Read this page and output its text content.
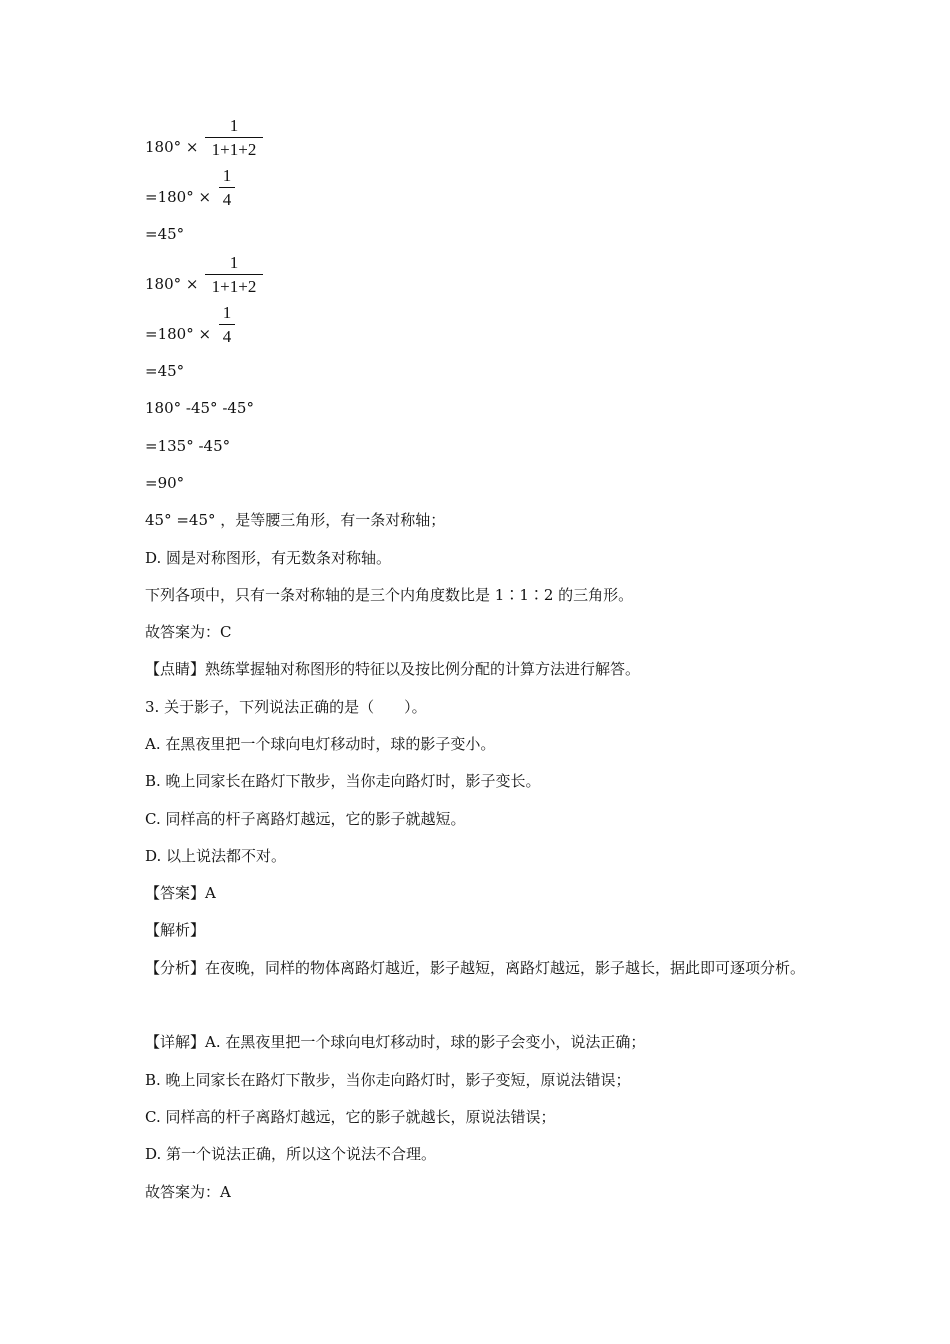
180° ×
1
1+1+2
=180° ×
1
4
=45°
180° ×
1
1+1+2
=180° ×
1
4
=45°
180° -45° -45°
=135° -45°
=90°
45° =45° ，是等腰三角形，有一条对称轴；
D. 圆是对称图形，有无数条对称轴。
下列各项中，只有一条对称轴的是三个内角度数比是 1∶1∶2 的三角形。
故答案为：C
【点睛】熟练掌握轴对称图形的特征以及按比例分配的计算方法进行解答。
3. 关于影子，下列说法正确的是（　　）。
A. 在黑夜里把一个球向电灯移动时，球的影子变小。
B. 晚上同家长在路灯下散步，当你走向路灯时，影子变长。
C. 同样高的杆子离路灯越远，它的影子就越短。
D. 以上说法都不对。
【答案】A
【解析】
【分析】在夜晚，同样的物体离路灯越近，影子越短，离路灯越远，影子越长，据此即可逐项分析。
【详解】A. 在黑夜里把一个球向电灯移动时，球的影子会变小，说法正确；
B. 晚上同家长在路灯下散步，当你走向路灯时，影子变短，原说法错误；
C. 同样高的杆子离路灯越远，它的影子就越长，原说法错误；
D. 第一个说法正确，所以这个说法不合理。
故答案为：A
